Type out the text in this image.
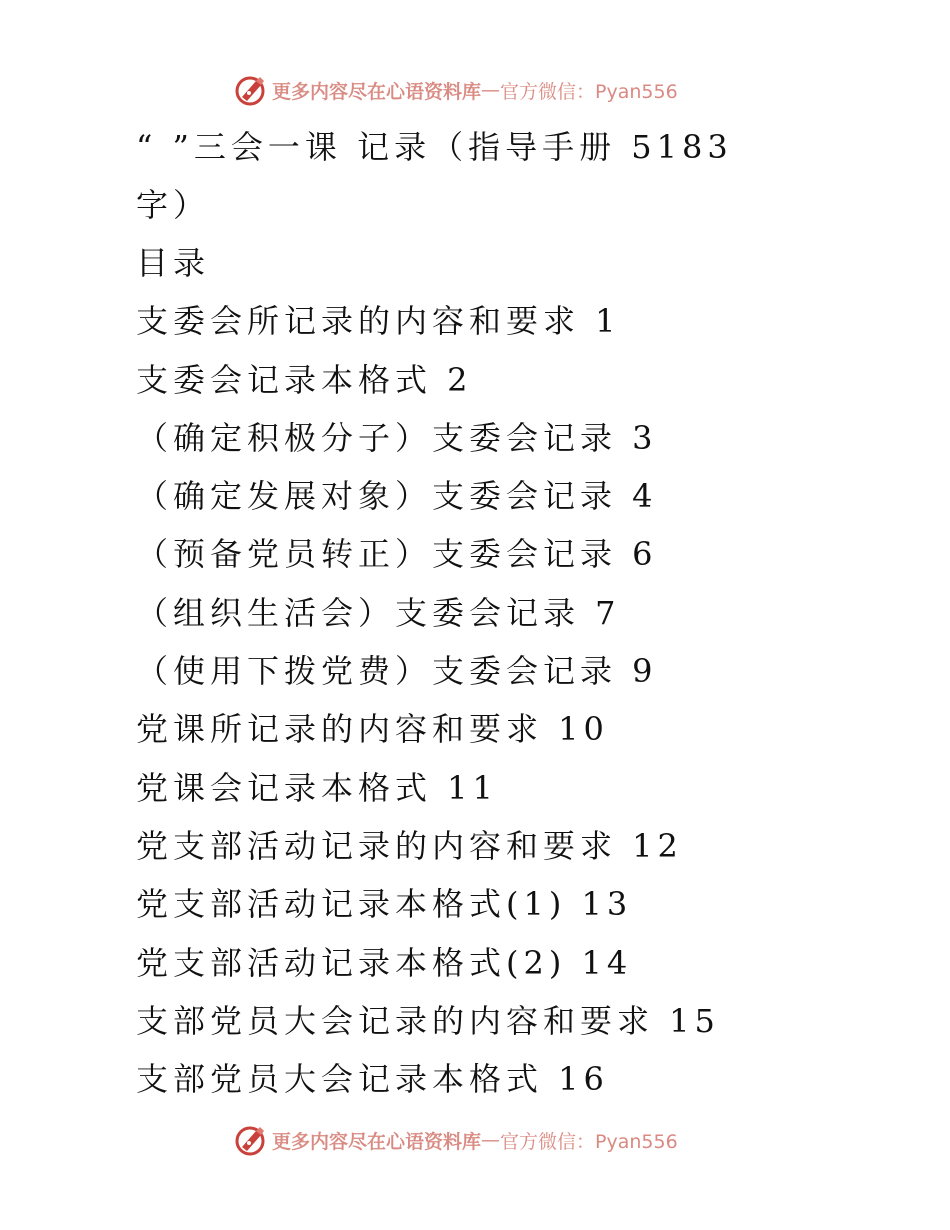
更多内容尽在心语资料库 — 官方微信：Pyan556
“ ”三会一课 记录（指导手册 5183字）

目录

支委会所记录的内容和要求 1

支委会记录本格式 2

（确定积极分子）支委会记录 3

（确定发展对象）支委会记录 4

（预备党员转正）支委会记录 6

（组织生活会）支委会记录 7

（使用下拨党费）支委会记录 9

党课所记录的内容和要求 10

党课会记录本格式 11

党支部活动记录的内容和要求 12

党支部活动记录本格式(1) 13

党支部活动记录本格式(2) 14

支部党员大会记录的内容和要求 15

支部党员大会记录本格式 16

更多内容尽在心语资料库 — 官方微信：Pyan556
